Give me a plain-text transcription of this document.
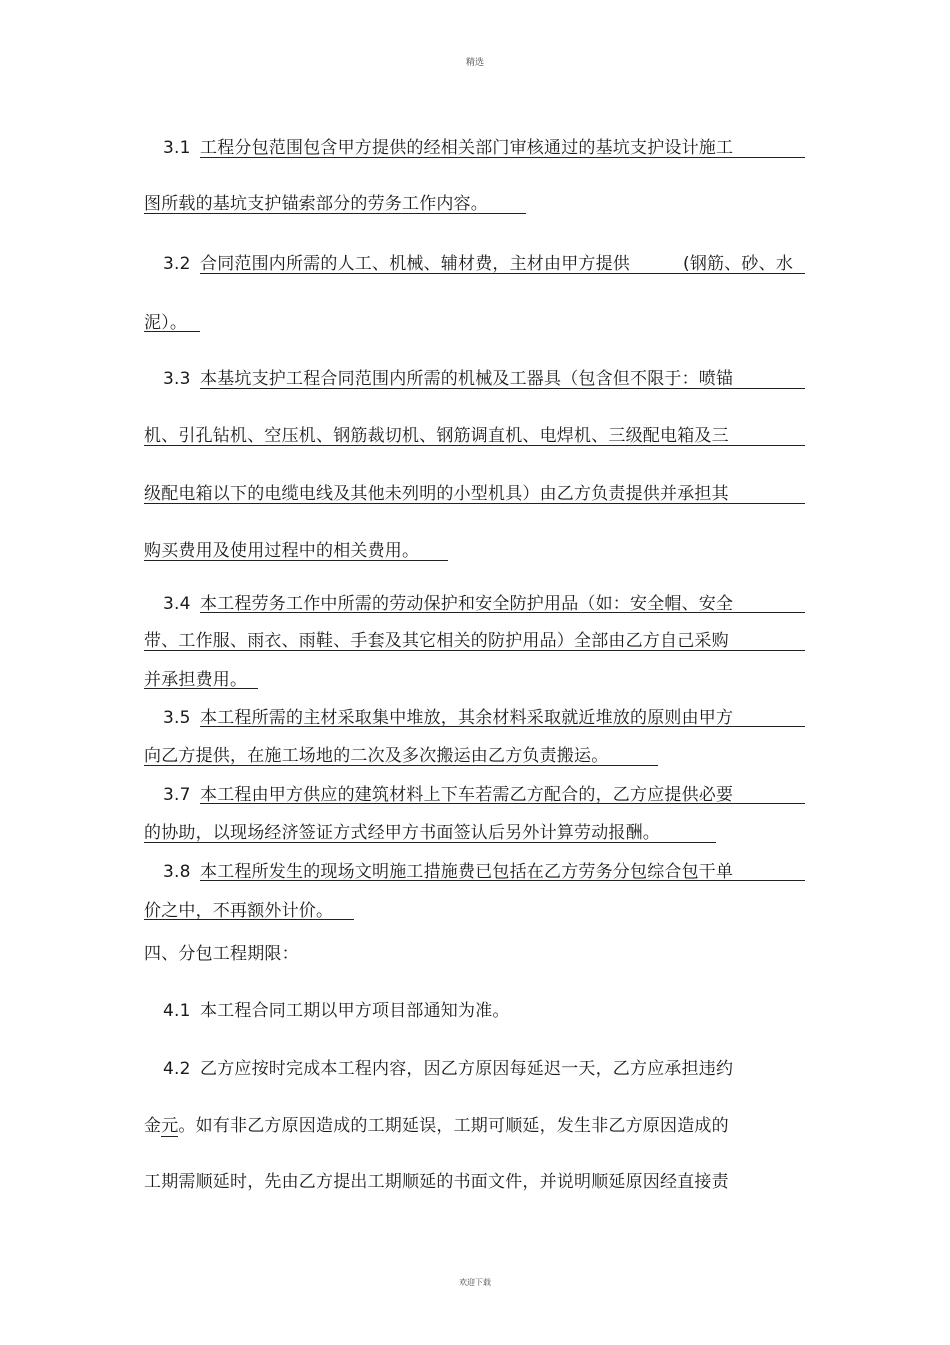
精选
3.1 工程分包范围包含甲方提供的经相关部门审核通过的基坑支护设计施工
图所载的基坑支护锚索部分的劳务工作内容。
3.2 合同范围内所需的人工、机械、辅材费，主材由甲方提供	(钢筋、砂、水
泥）。
3.3 本基坑支护工程合同范围内所需的机械及工器具（包含但不限于：喷锚
机、引孔钻机、空压机、钢筋裁切机、钢筋调直机、电焊机、三级配电箱及三
级配电箱以下的电缆电线及其他未列明的小型机具）由乙方负责提供并承担其
购买费用及使用过程中的相关费用。
3.4 本工程劳务工作中所需的劳动保护和安全防护用品（如：安全帽、安全
带、工作服、雨衣、雨鞋、手套及其它相关的防护用品）全部由乙方自己采购
并承担费用。
3.5 本工程所需的主材采取集中堆放，其余材料采取就近堆放的原则由甲方
向乙方提供，在施工场地的二次及多次搬运由乙方负责搬运。
3.7 本工程由甲方供应的建筑材料上下车若需乙方配合的，乙方应提供必要
的协助，以现场经济签证方式经甲方书面签认后另外计算劳动报酬。
3.8 本工程所发生的现场文明施工措施费已包括在乙方劳务分包综合包干单
价之中，不再额外计价。
四、分包工程期限：
4.1 本工程合同工期以甲方项目部通知为准。
4.2 乙方应按时完成本工程内容，因乙方原因每延迟一天，乙方应承担违约
金元。如有非乙方原因造成的工期延误，工期可顺延，发生非乙方原因造成的
工期需顺延时，先由乙方提出工期顺延的书面文件，并说明顺延原因经直接责
欢迎下载
